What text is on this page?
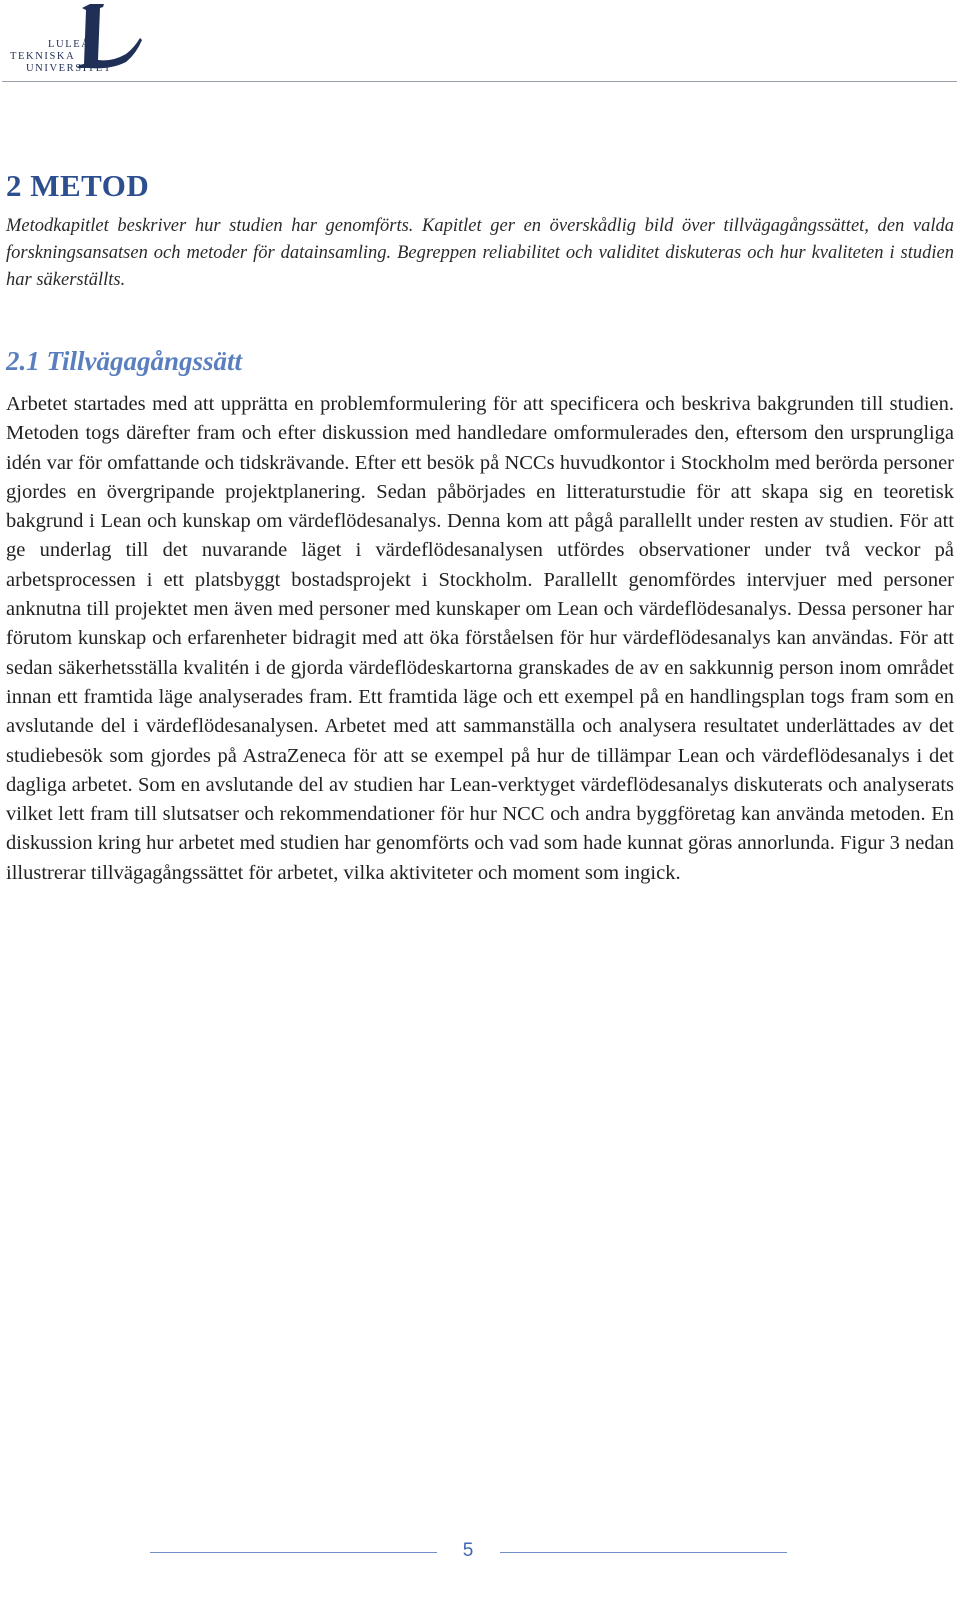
LULEÅ
TEKNISKA
UNIVERSITET
2 METOD

Metodkapitlet beskriver hur studien har genomförts. Kapitlet ger en överskådlig bild över tillvägagångssättet, den valda forskningsansatsen och metoder för datainsamling. Begreppen reliabilitet och validitet diskuteras och hur kvaliteten i studien har säkerställts.

2.1 Tillvägagångssätt

Arbetet startades med att upprätta en problemformulering för att specificera och beskriva bakgrunden till studien. Metoden togs därefter fram och efter diskussion med handledare omformulerades den, eftersom den ursprungliga idén var för omfattande och tidskrävande. Efter ett besök på NCCs huvudkontor i Stockholm med berörda personer gjordes en övergripande projektplanering. Sedan påbörjades en litteraturstudie för att skapa sig en teoretisk bakgrund i Lean och kunskap om värdeflödesanalys. Denna kom att pågå parallellt under resten av studien. För att ge underlag till det nuvarande läget i värdeflödesanalysen utfördes observationer under två veckor på arbetsprocessen i ett platsbyggt bostadsprojekt i Stockholm. Parallellt genomfördes intervjuer med personer anknutna till projektet men även med personer med kunskaper om Lean och värdeflödesanalys. Dessa personer har förutom kunskap och erfarenheter bidragit med att öka förståelsen för hur värdeflödesanalys kan användas. För att sedan säkerhetsställa kvalitén i de gjorda värdeflödeskartorna granskades de av en sakkunnig person inom området innan ett framtida läge analyserades fram. Ett framtida läge och ett exempel på en handlingsplan togs fram som en avslutande del i värdeflödesanalysen. Arbetet med att sammanställa och analysera resultatet underlättades av det studiebesök som gjordes på AstraZeneca för att se exempel på hur de tillämpar Lean och värdeflödesanalys i det dagliga arbetet. Som en avslutande del av studien har Lean-verktyget värdeflödesanalys diskuterats och analyserats vilket lett fram till slutsatser och rekommendationer för hur NCC och andra byggföretag kan använda metoden. En diskussion kring hur arbetet med studien har genomförts och vad som hade kunnat göras annorlunda. Figur 3 nedan illustrerar tillvägagångssättet för arbetet, vilka aktiviteter och moment som ingick.

5
